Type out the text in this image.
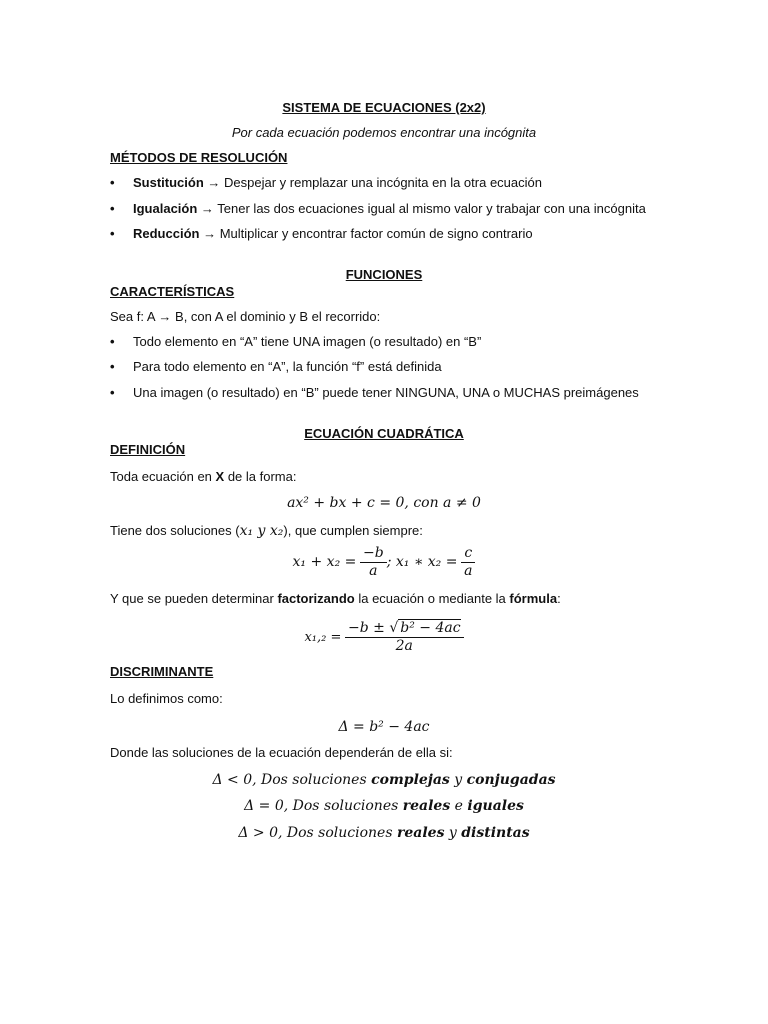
SISTEMA DE ECUACIONES (2x2)
Por cada ecuación podemos encontrar una incógnita
MÉTODOS DE RESOLUCIÓN
• Sustitución → Despejar y remplazar una incógnita en la otra ecuación
• Igualación → Tener las dos ecuaciones igual al mismo valor y trabajar con una incógnita
• Reducción → Multiplicar y encontrar factor común de signo contrario
FUNCIONES
CARACTERÍSTICAS
Sea f: A → B, con A el dominio y B el recorrido:
• Todo elemento en “A” tiene UNA imagen (o resultado) en “B”
• Para todo elemento en “A”, la función “f” está definida
• Una imagen (o resultado) en “B” puede tener NINGUNA, UNA o MUCHAS preimágenes
ECUACIÓN CUADRÁTICA
DEFINICIÓN
Toda ecuación en X de la forma:
ax² + bx + c = 0, con a ≠ 0
Tiene dos soluciones (x₁ y x₂), que cumplen siempre:
$x_1 + x_2 = \frac{-b}{a}$ ; x₁ ∗ $x_2 = \frac{c}{a}$
Y que se pueden determinar factorizando la ecuación o mediante la fórmula:
$x_1,_2 = \frac{\text{−b ± √ b² − 4ac}}{2a}$
DISCRIMINANTE
Lo definimos como:
Δ = b² − 4ac
Donde las soluciones de la ecuación dependerán de ella si:
Δ < 0, Dos soluciones complejas y conjugadas
Δ = 0, Dos soluciones reales e iguales
Δ > 0, Dos soluciones reales y distintas
